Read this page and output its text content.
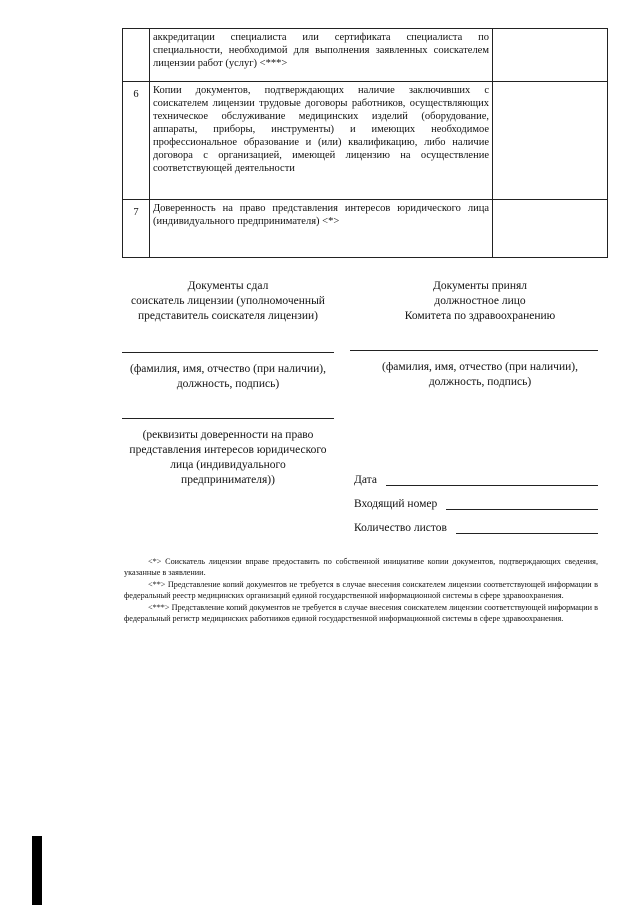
	аккредитации специалиста или сертификата специалиста по специальности, необходимой для выполнения заявленных соискателем лицензии работ (услуг) <***>	
6	Копии документов, подтверждающих наличие заключивших с соискателем лицензии трудовые договоры работников, осуществляющих техническое обслуживание медицинских изделий (оборудование, аппараты, приборы, инструменты) и имеющих необходимое профессиональное образование и (или) квалификацию, либо наличие договора с организацией, имеющей лицензию на осуществление соответствующей деятельности	
7	Доверенность на право представления интересов юридического лица (индивидуального предпринимателя) <*>	

Документы сдал

соискатель лицензии (уполномоченный

представитель соискателя лицензии)

(фамилия, имя, отчество (при наличии),

должность, подпись)

(реквизиты доверенности на право

представления интересов юридического

лица (индивидуального

предпринимателя))

Документы принял

должностное лицо

Комитета по здравоохранению

(фамилия, имя, отчество (при наличии),

должность, подпись)

Дата
Входящий номер
Количество листов

<*> Соискатель лицензии вправе предоставить по собственной инициативе копии документов, подтверждающих сведения, указанные в заявлении.

<**> Представление копий документов не требуется в случае внесения соискателем лицензии соответствующей информации в федеральный реестр медицинских организаций единой государственной информационной системы в сфере здравоохранения.

<***> Представление копий документов не требуется в случае внесения соискателем лицензии соответствующей информации в федеральный регистр медицинских работников единой государственной информационной системы в сфере здравоохранения.
